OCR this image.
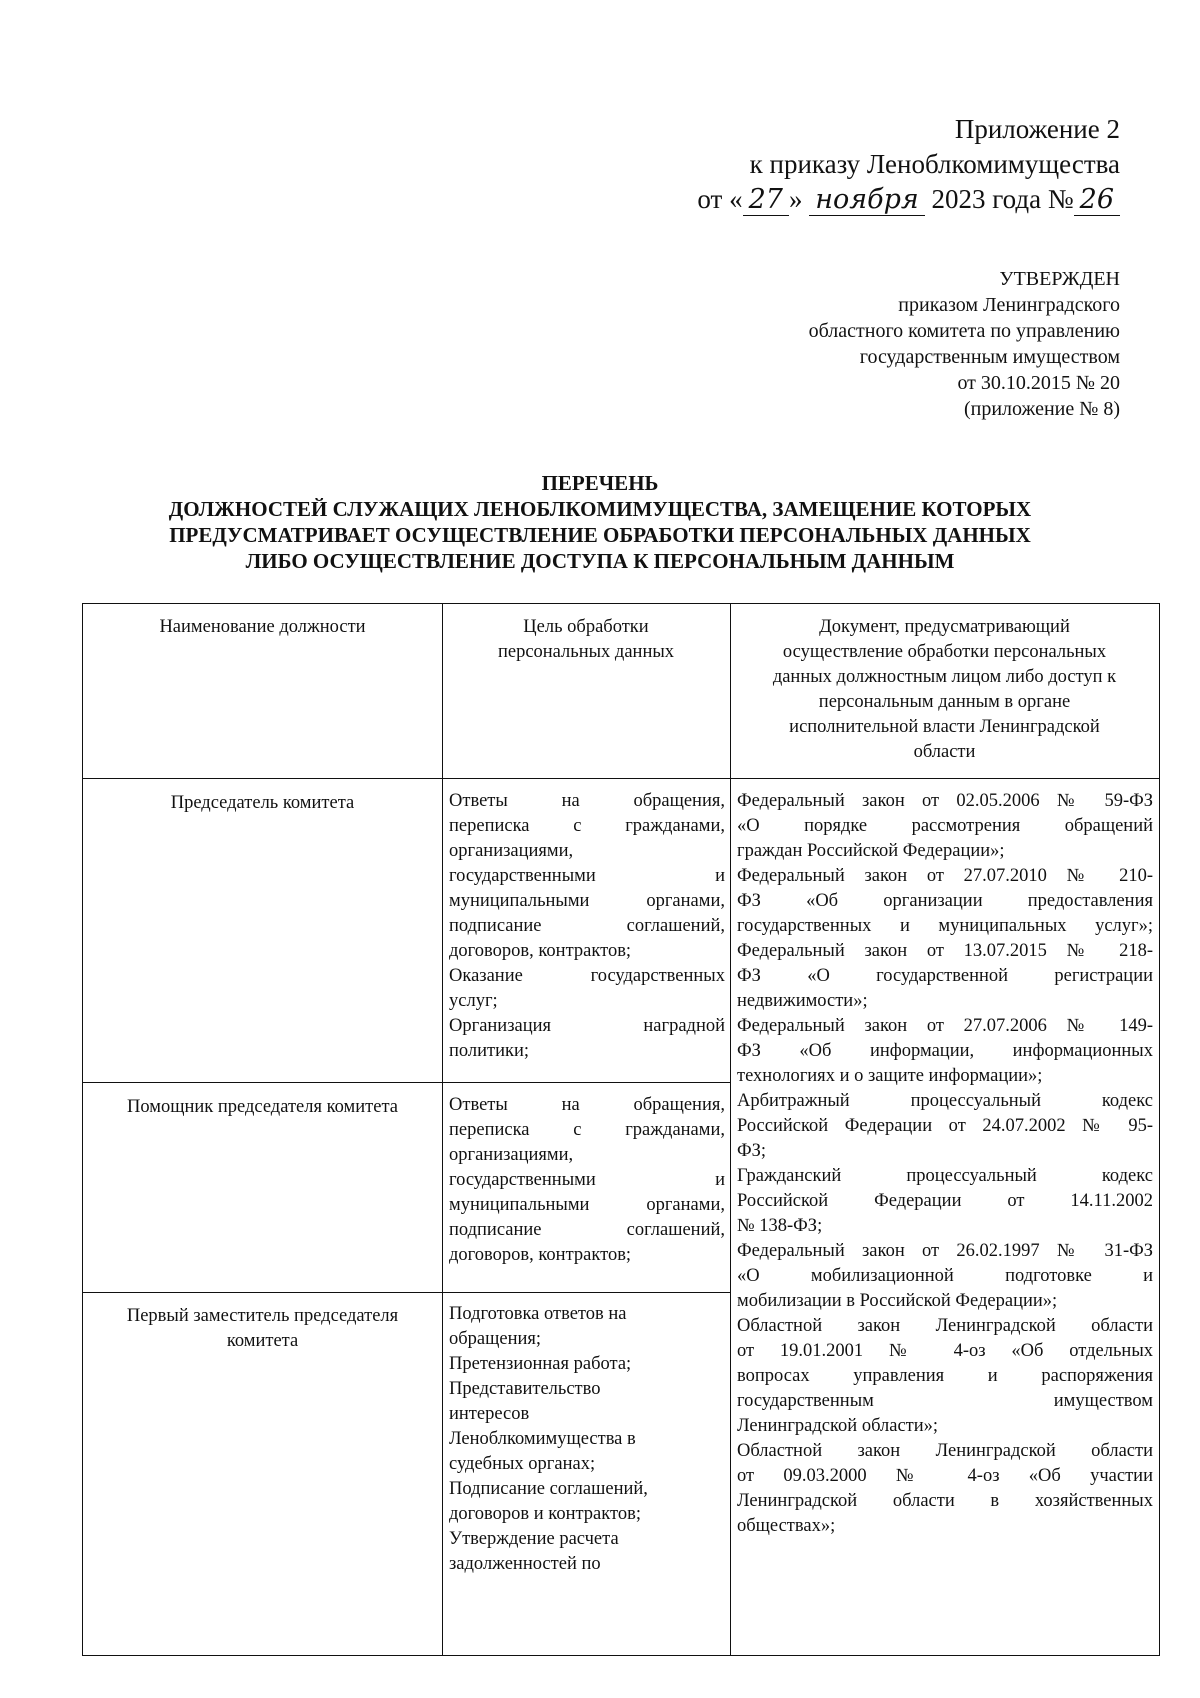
Приложение 2
к приказу Леноблкомимущества
от « 27 » ноября 2023 года № 26
УТВЕРЖДЕН
приказом Ленинградского
областного комитета по управлению
государственным имуществом
от 30.10.2015 № 20
(приложение № 8)
ПЕРЕЧЕНЬ
ДОЛЖНОСТЕЙ СЛУЖАЩИХ ЛЕНОБЛКОМИМУЩЕСТВА, ЗАМЕЩЕНИЕ КОТОРЫХ
ПРЕДУСМАТРИВАЕТ ОСУЩЕСТВЛЕНИЕ ОБРАБОТКИ ПЕРСОНАЛЬНЫХ ДАННЫХ
ЛИБО ОСУЩЕСТВЛЕНИЕ ДОСТУПА К ПЕРСОНАЛЬНЫМ ДАННЫМ
Наименование должности	Цель обработки
персональных данных
Документ, предусматривающий
осуществление обработки персональных
данных должностным лицом либо доступ к
персональным данным в органе
исполнительной власти Ленинградской
области
Председатель комитета
Помощник председателя комитета
Первый заместитель председателя
комитета

Ответы на обращения,

переписка с гражданами,

организациями,

государственными и

муниципальными органами,

подписание соглашений,

договоров, контрактов;

Оказание государственных

услуг;

Организация наградной

политики;

Ответы на обращения,

переписка с гражданами,

организациями,

государственными и

муниципальными органами,

подписание соглашений,

договоров, контрактов;

Подготовка ответов на

обращения;

Претензионная работа;

Представительство

интересов

Леноблкомимущества в

судебных органах;

Подписание соглашений,

договоров и контрактов;

Утверждение расчета

задолженностей по

Федеральный закон от 02.05.2006 № 59-ФЗ

«О порядке рассмотрения обращений

граждан Российской Федерации»;

Федеральный закон от 27.07.2010 № 210-

ФЗ «Об организации предоставления

государственных и муниципальных услуг»;

Федеральный закон от 13.07.2015 № 218-

ФЗ «О государственной регистрации

недвижимости»;

Федеральный закон от 27.07.2006 № 149-

ФЗ «Об информации, информационных

технологиях и о защите информации»;

Арбитражный процессуальный кодекс

Российской Федерации от 24.07.2002 № 95-

ФЗ;

Гражданский процессуальный кодекс

Российской Федерации от 14.11.2002

№ 138-ФЗ;

Федеральный закон от 26.02.1997 № 31-ФЗ

«О мобилизационной подготовке и

мобилизации в Российской Федерации»;

Областной закон Ленинградской области

от 19.01.2001 № 4-оз «Об отдельных

вопросах управления и распоряжения

государственным имуществом

Ленинградской области»;

Областной закон Ленинградской области

от 09.03.2000 № 4-оз «Об участии

Ленинградской области в хозяйственных

обществах»;
